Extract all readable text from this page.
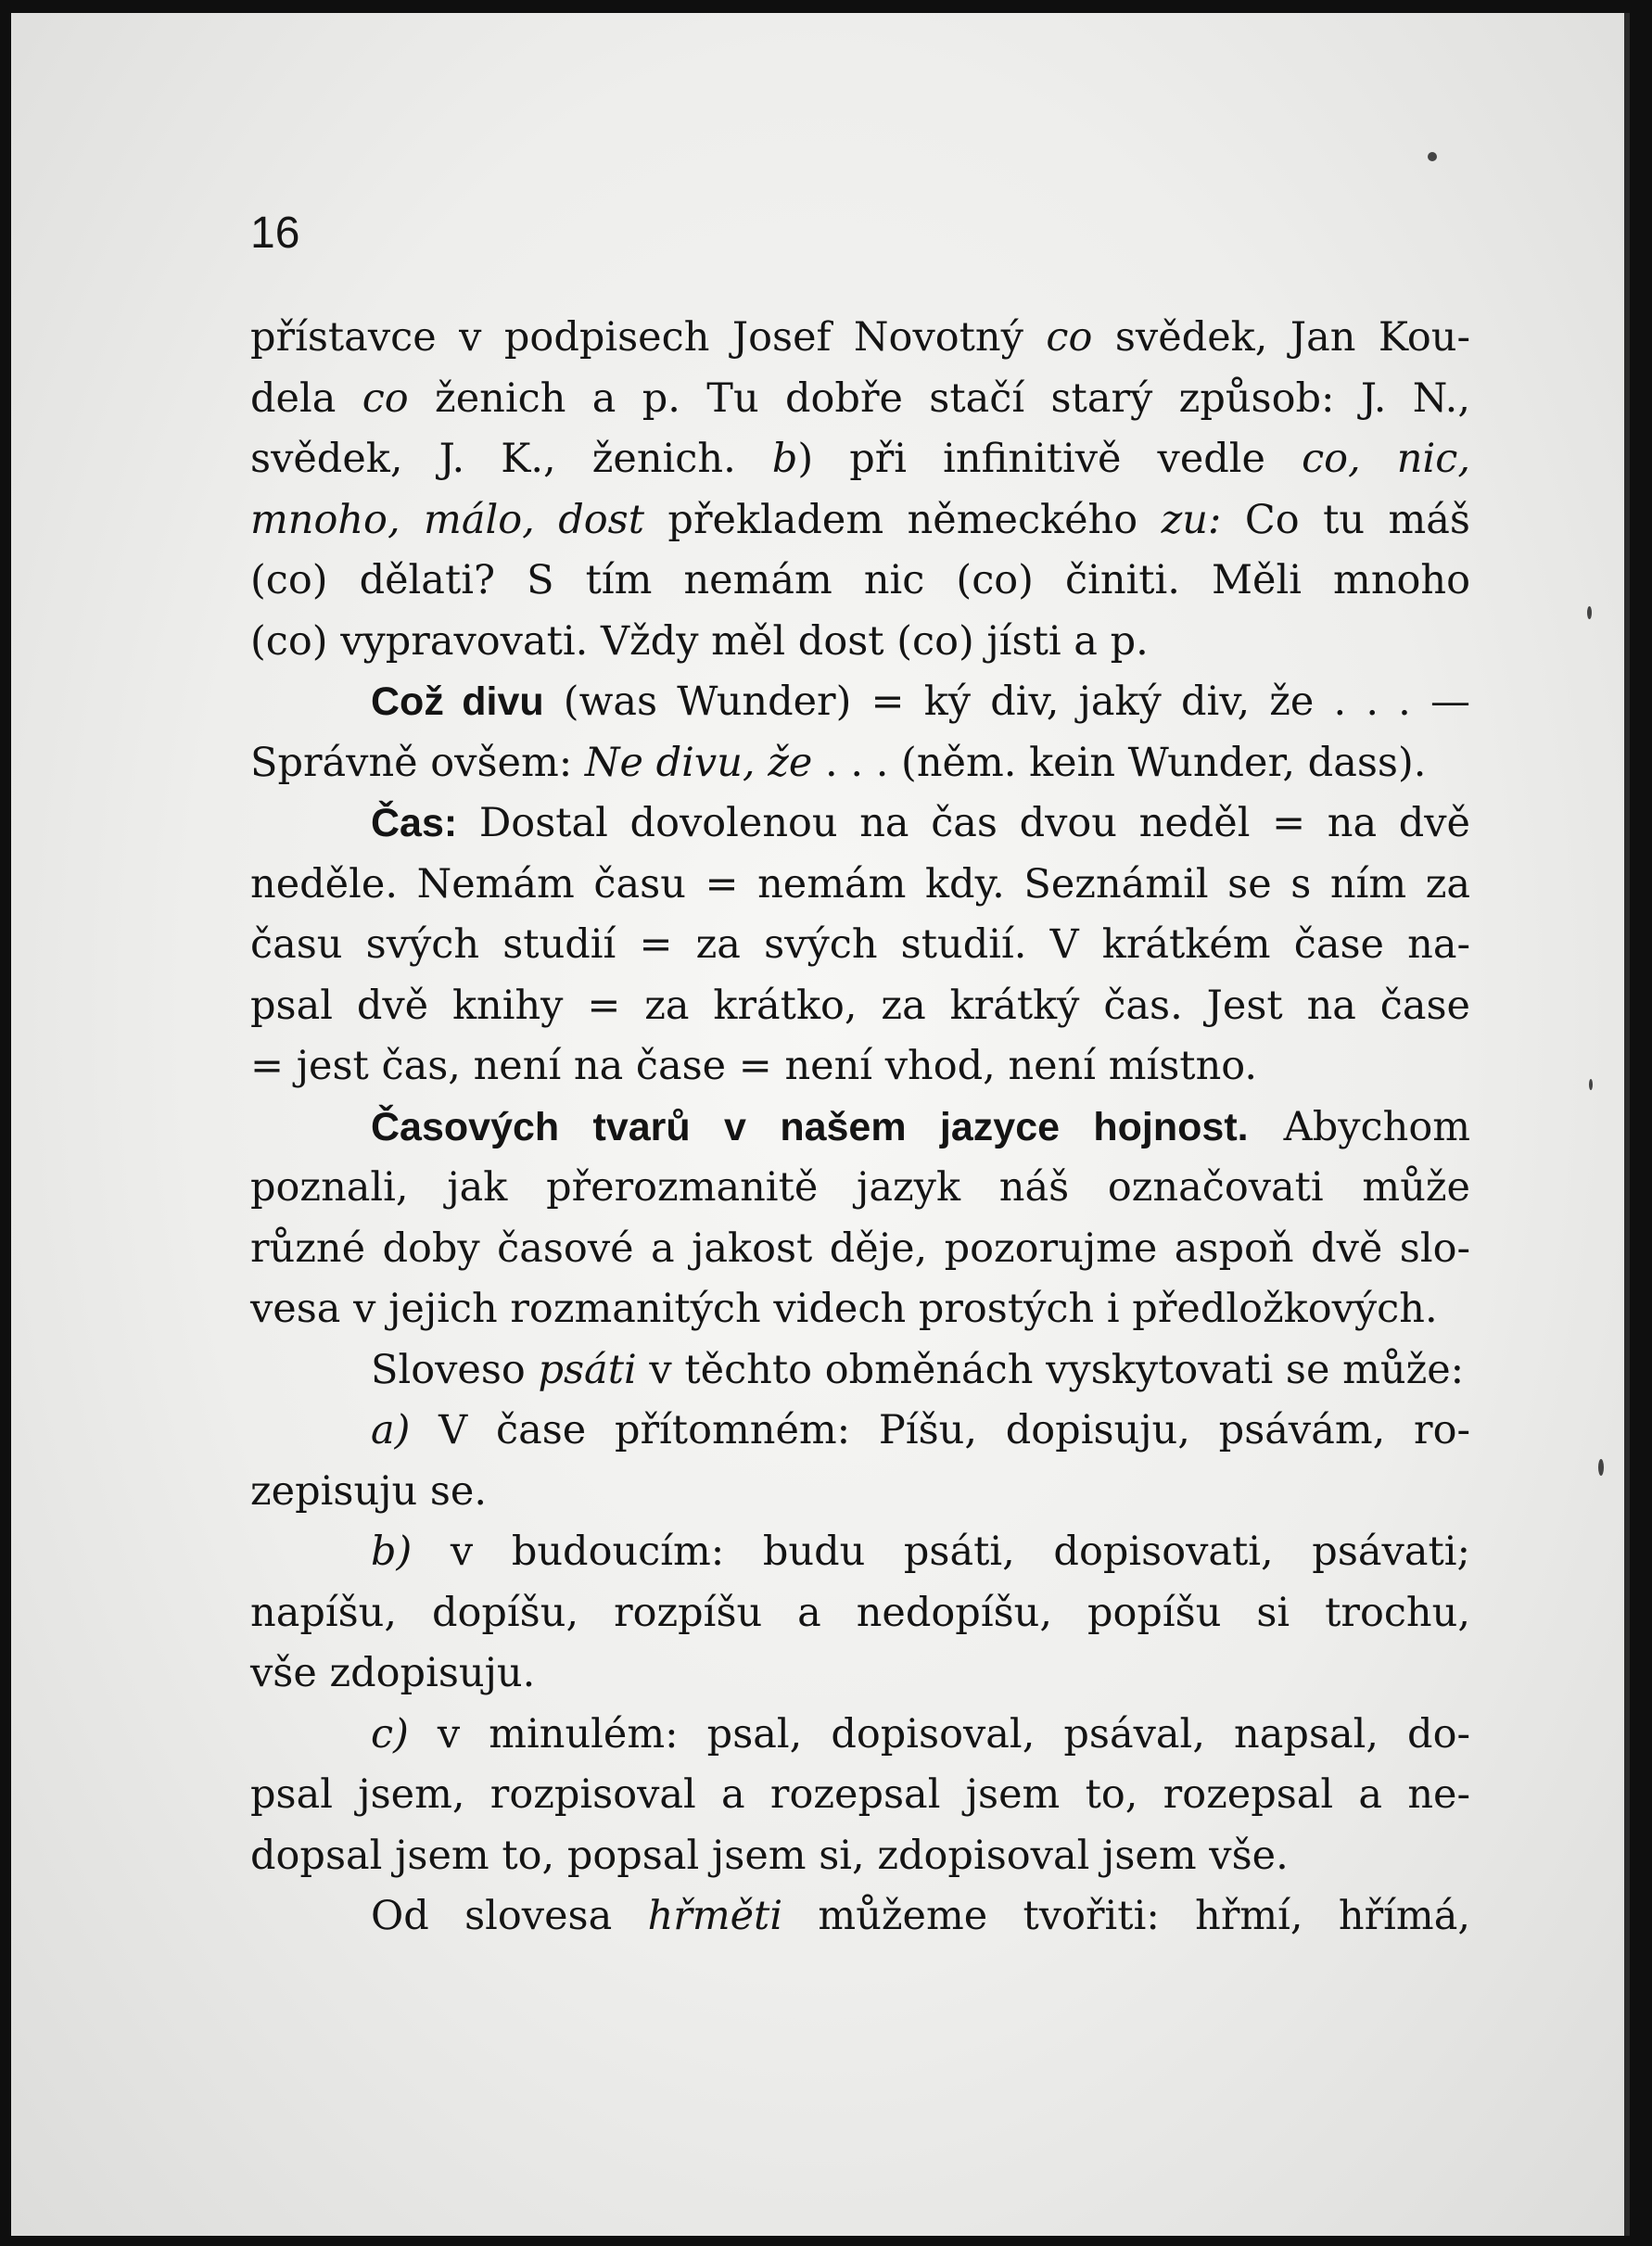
16

přístavce v podpisech Josef Novotný co svědek, Jan Kou-

dela co ženich a p. Tu dobře stačí starý způsob: J. N.,

svědek, J. K., ženich. b) při infinitivě vedle co, nic,

mnoho, málo, dost překladem německého zu: Co tu máš

(co) dělati? S tím nemám nic (co) činiti. Měli mnoho

(co) vypravovati. Vždy měl dost (co) jísti a p.

Což divu (was Wunder) = ký div, jaký div, že . . . —

Správně ovšem: Ne divu, že . . . (něm. kein Wunder, dass).

Čas: Dostal dovolenou na čas dvou neděl = na dvě

neděle. Nemám času = nemám kdy. Seznámil se s ním za

času svých studií = za svých studií. V krátkém čase na-

psal dvě knihy = za krátko, za krátký čas. Jest na čase

= jest čas, není na čase = není vhod, není místno.

Časových tvarů v našem jazyce hojnost. Abychom

poznali, jak přerozmanitě jazyk náš označovati může

různé doby časové a jakost děje, pozorujme aspoň dvě slo-

vesa v jejich rozmanitých videch prostých i předložkových.

Sloveso psáti v těchto obměnách vyskytovati se může:

a) V čase přítomném: Píšu, dopisuju, psávám, ro-

zepisuju se.

b) v budoucím: budu psáti, dopisovati, psávati;

napíšu, dopíšu, rozpíšu a nedopíšu, popíšu si trochu,

vše zdopisuju.

c) v minulém: psal, dopisoval, psával, napsal, do-

psal jsem, rozpisoval a rozepsal jsem to, rozepsal a ne-

dopsal jsem to, popsal jsem si, zdopisoval jsem vše.

Od slovesa hřměti můžeme tvořiti: hřmí, hřímá,
